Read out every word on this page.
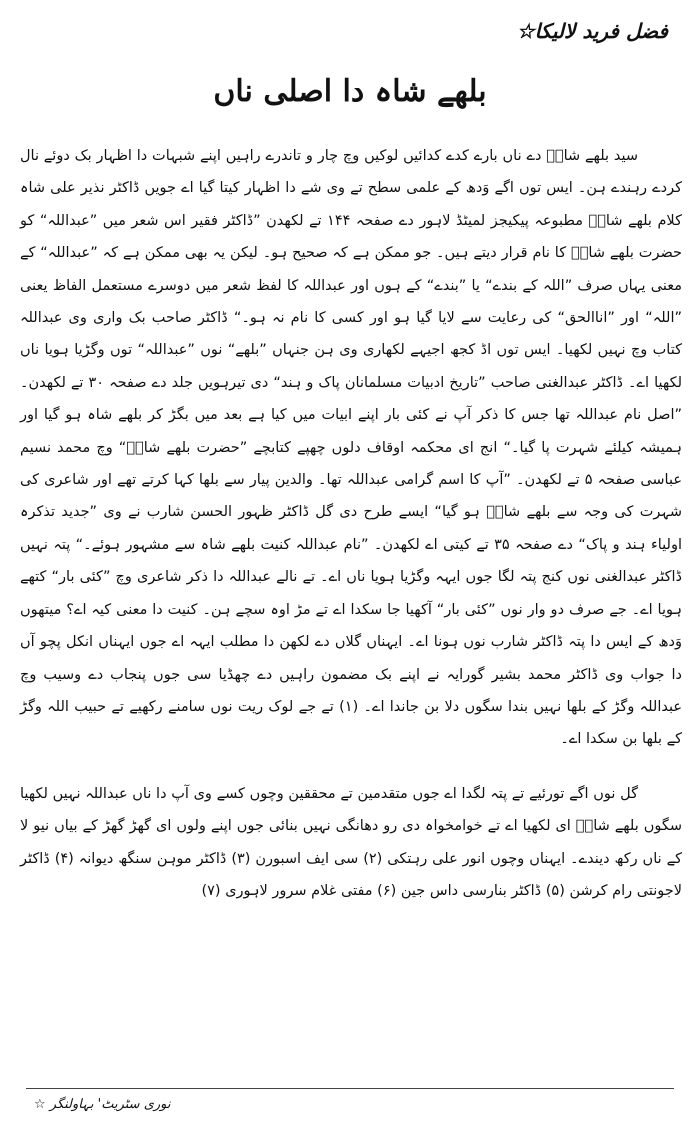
فضل فرید لالیکا☆
بلھے شاہ دا اصلی ناں

سید بلھے شاہؒ دے ناں بارے کدے کدائیں لوکیں وچ چار و تاندرے راہیں اپنے شبہات دا اظہار بک دوئے نال کردے رہندے ہن۔ ایس توں اگے وَدھ کے علمی سطح تے وی شے دا اظہار کیتا گیا اے جویں ڈاکٹر نذیر علی شاہ کلام بلھے شاہؒ مطبوعہ پیکیجز لمیٹڈ لاہور دے صفحہ ۱۴۴ تے لکھدن ”ڈاکٹر فقیر اس شعر میں ”عبداللہ“ کو حضرت بلھے شاہؒ کا نام قرار دیتے ہیں۔ جو ممکن ہے کہ صحیح ہو۔ لیکن یہ بھی ممکن ہے کہ ”عبداللہ“ کے معنی یہاں صرف ”اللہ کے بندے“ یا ”بندے“ کے ہوں اور عبداللہ کا لفظ شعر میں دوسرے مستعمل الفاظ یعنی ”اللہ“ اور ”اناالحق“ کی رعایت سے لایا گیا ہو اور کسی کا نام نہ ہو۔“ ڈاکٹر صاحب بک واری وی عبداللہ کتاب وچ نہیں لکھیا۔ ایس توں اڈ کجھ اجیہے لکھاری وی ہن جنہاں ”بلھے“ نوں ”عبداللہ“ توں وگڑیا ہویا ناں لکھیا اے۔ ڈاکٹر عبدالغنی صاحب ”تاریخ ادبیات مسلمانان پاک و ہند“ دی تیرہویں جلد دے صفحہ ۳۰ تے لکھدن۔ ”اصل نام عبداللہ تھا جس کا ذکر آپ نے کئی بار اپنے ابیات میں کیا ہے بعد میں بگڑ کر بلھے شاہ ہو گیا اور ہمیشہ کیلئے شہرت پا گیا۔“ انج ای محکمہ اوقاف دلوں چھپے کتابچے ”حضرت بلھے شاہؒ“ وچ محمد نسیم عباسی صفحہ ۵ تے لکھدن۔ ”آپ کا اسم گرامی عبداللہ تھا۔ والدین پیار سے بلھا کہا کرتے تھے اور شاعری کی شہرت کی وجہ سے بلھے شاہؒ ہو گیا“ ایسے طرح دی گل ڈاکٹر ظہور الحسن شارب نے وی ”جدید تذکرہ اولیاء ہند و پاک“ دے صفحہ ۳۵ تے کیتی اے لکھدن۔ ”نام عبداللہ کنیت بلھے شاہ سے مشہور ہوئے۔“ پتہ نہیں ڈاکٹر عبدالغنی نوں کنج پتہ لگا جوں ایہہ وگڑیا ہویا ناں اے۔ تے نالے عبداللہ دا ذکر شاعری وچ ”کئی بار“ کتھے ہویا اے۔ جے صرف دو وار نوں ”کئی بار“ آکھیا جا سکدا اے تے مڑ اوہ سچے ہن۔ کنیت دا معنی کیہ اے؟ میتھوں وَدھ کے ایس دا پتہ ڈاکٹر شارب نوں ہونا اے۔ ایہناں گلاں دے لکھن دا مطلب ایہہ اے جوں ایہناں انکل پچو آں دا جواب وی ڈاکٹر محمد بشیر گورایہ نے اپنے بک مضمون راہیں دے چھڈیا سی جوں پنجاب دے وسیب وچ عبداللہ وگڑ کے بلھا نہیں بندا سگوں دلا بن جاندا اے۔ (۱) تے جے لوک ریت نوں سامنے رکھیے تے حبیب اللہ وگڑ کے بلھا بن سکدا اے۔

گل نوں اگے تورئیے تے پتہ لگدا اے جوں متقدمین تے محققین وچوں کسے وی آپ دا ناں عبداللہ نہیں لکھیا سگوں بلھے شاہؒ ای لکھیا اے تے خوامخواہ دی رو دھانگی نہیں بنائی جوں اپنے ولوں ای گھڑ گھڑ کے بیاں نیو لا کے ناں رکھ دیندے۔ ایہناں وچوں انور علی رہتکی (۲) سی ایف اسبورن (۳) ڈاکٹر موہن سنگھ دیوانہ (۴) ڈاکٹر لاجونتی رام کرشن (۵) ڈاکٹر بنارسی داس جین (۶) مفتی غلام سرور لاہوری (۷)

نوری سٹریٹ' بہاولنگر ☆
